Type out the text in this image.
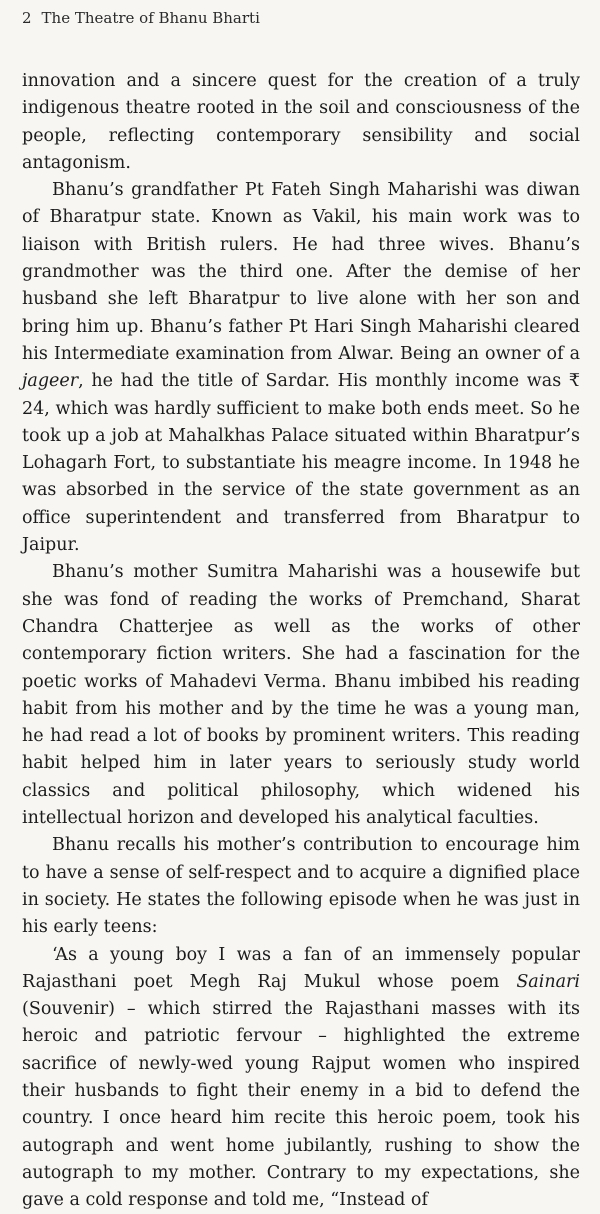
2 The Theatre of Bhanu Bharti

innovation and a sincere quest for the creation of a truly indigenous theatre rooted in the soil and consciousness of the people, reflecting contemporary sensibility and social antagonism.

Bhanu’s grandfather Pt Fateh Singh Maharishi was diwan of Bharatpur state. Known as Vakil, his main work was to liaison with British rulers. He had three wives. Bhanu’s grandmother was the third one. After the demise of her husband she left Bharatpur to live alone with her son and bring him up. Bhanu’s father Pt Hari Singh Maharishi cleared his Intermediate examination from Alwar. Being an owner of a jageer, he had the title of Sardar. His monthly income was ₹ 24, which was hardly sufficient to make both ends meet. So he took up a job at Mahalkhas Palace situated within Bharatpur’s Lohagarh Fort, to substantiate his meagre income. In 1948 he was absorbed in the service of the state government as an office superintendent and transferred from Bharatpur to Jaipur.

Bhanu’s mother Sumitra Maharishi was a housewife but she was fond of reading the works of Premchand, Sharat Chandra Chatterjee as well as the works of other contemporary fiction writers. She had a fascination for the poetic works of Mahadevi Verma. Bhanu imbibed his reading habit from his mother and by the time he was a young man, he had read a lot of books by prominent writers. This reading habit helped him in later years to seriously study world classics and political philosophy, which widened his intellectual horizon and developed his analytical faculties.

Bhanu recalls his mother’s contribution to encourage him to have a sense of self-respect and to acquire a dignified place in society. He states the following episode when he was just in his early teens:

‘As a young boy I was a fan of an immensely popular Rajasthani poet Megh Raj Mukul whose poem Sainari (Souvenir) – which stirred the Rajasthani masses with its heroic and patriotic fervour – highlighted the extreme sacrifice of newly-wed young Rajput women who inspired their husbands to fight their enemy in a bid to defend the country. I once heard him recite this heroic poem, took his autograph and went home jubilantly, rushing to show the autograph to my mother. Contrary to my expectations, she gave a cold response and told me, “Instead of
